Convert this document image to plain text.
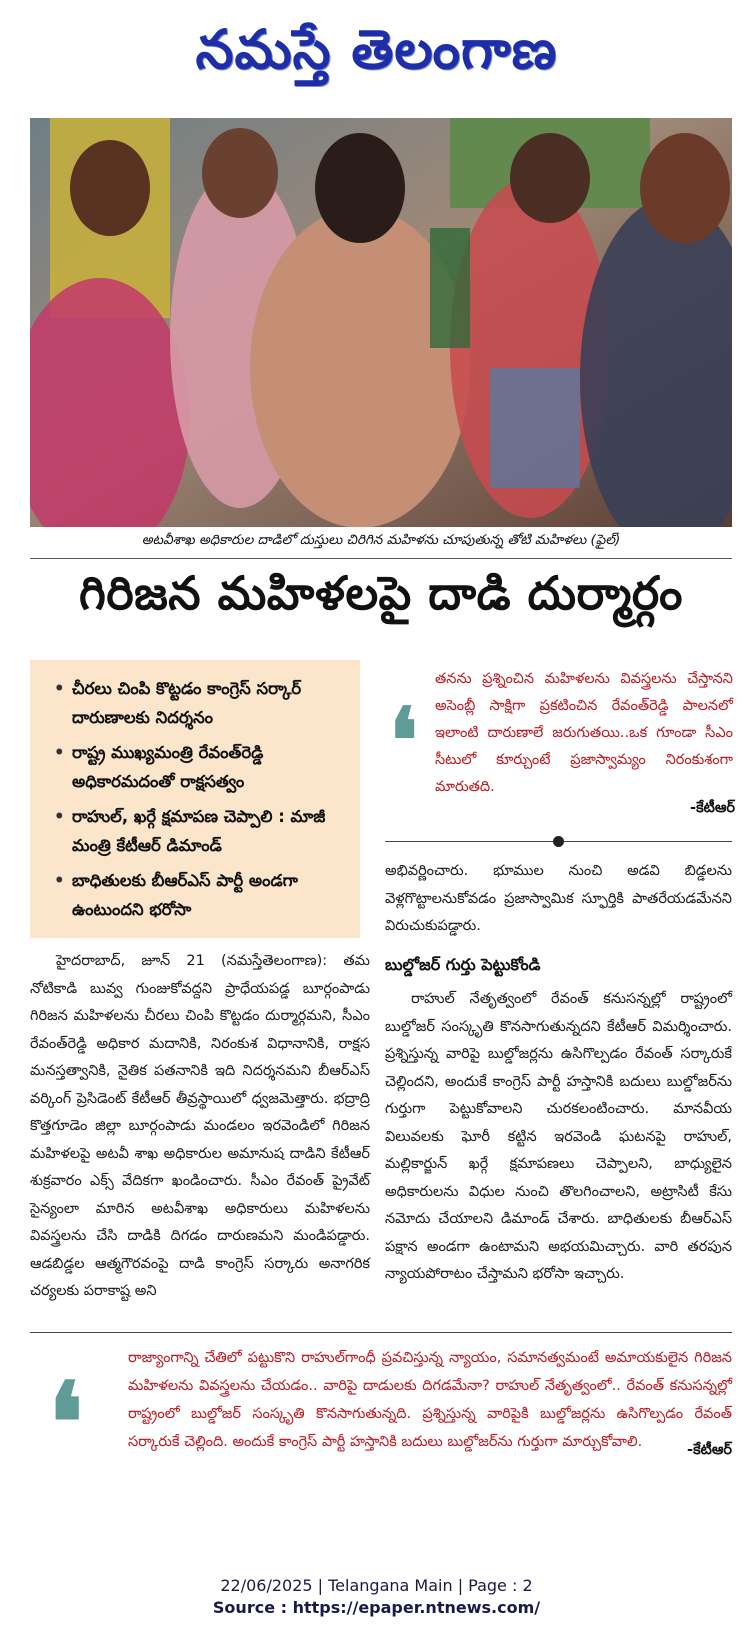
నమస్తే తెలంగాణ
అటవీశాఖ అధికారుల దాడిలో దుస్తులు చిరిగిన మహిళను చూపుతున్న తోటి మహిళలు (ఫైల్)
గిరిజన మహిళలపై దాడి దుర్మార్గం
• చీరలు చింపి కొట్టడం కాంగ్రెస్ సర్కార్ దారుణాలకు నిదర్శనం
• రాష్ట్ర ముఖ్యమంత్రి రేవంత్‌రెడ్డి అధికారమదంతో రాక్షసత్వం
• రాహుల్, ఖర్గే క్షమాపణ చెప్పాలి : మాజీ మంత్రి కేటీఆర్ డిమాండ్
• బాధితులకు బీఆర్ఎస్ పార్టీ అండగా ఉంటుందని భరోసా
❛
తనను ప్రశ్నించిన మహిళలను వివస్త్రలను చేస్తానని అసెంబ్లీ సాక్షిగా ప్రకటించిన రేవంత్‌రెడ్డి పాలనలో ఇలాంటి దారుణాలే జరుగుతయి..ఒక గూండా సీఎం సీటులో కూర్చుంటే ప్రజాస్వామ్యం నిరంకుశంగా మారుతది.
-కేటీఆర్

హైదరాబాద్, జూన్ 21 (నమస్తేతెలంగాణ): తమ నోటికాడి బువ్వ గుంజుకోవద్దని ప్రాధేయపడ్డ బూర్గంపాడు గిరిజన మహిళలను చీరలు చింపి కొట్టడం దుర్మార్గమని, సీఎం రేవంత్‌రెడ్డి అధికార మదానికి, నిరంకుశ విధానానికి, రాక్షస మనస్తత్వానికి, నైతిక పతనానికి ఇది నిదర్శనమని బీఆర్ఎస్ వర్కింగ్ ప్రెసిడెంట్ కేటీఆర్ తీవ్రస్థాయిలో ధ్వజమెత్తారు. భద్రాద్రి కొత్తగూడెం జిల్లా బూర్గంపాడు మండలం ఇరవెండిలో గిరిజన మహిళలపై అటవీ శాఖ అధికారుల అమానుష దాడిని కేటీఆర్ శుక్రవారం ఎక్స్ వేదికగా ఖండించారు. సీఎం రేవంత్ ప్రైవేట్ సైన్యంలా మారిన అటవీశాఖ అధికారులు మహిళలను వివస్త్రలను చేసి దాడికి దిగడం దారుణమని మండిపడ్డారు. ఆడబిడ్డల ఆత్మగౌరవంపై దాడి కాంగ్రెస్ సర్కారు అనాగరిక చర్యలకు పరాకాష్ట అని

అభివర్ణించారు. భూముల నుంచి అడవి బిడ్డలను వెళ్లగొట్టాలనుకోవడం ప్రజాస్వామిక స్ఫూర్తికి పాతరేయడమేనని విరుచుకుపడ్డారు.

బుల్డోజర్ గుర్తు పెట్టుకోండి

రాహుల్ నేతృత్వంలో రేవంత్ కనుసన్నల్లో రాష్ట్రంలో బుల్డోజర్ సంస్కృతి కొనసాగుతున్నదని కేటీఆర్ విమర్శించారు. ప్రశ్నిస్తున్న వారిపై బుల్డోజర్లను ఉసిగొల్పడం రేవంత్ సర్కారుకే చెల్లిందని, అందుకే కాంగ్రెస్ పార్టీ హస్తానికి బదులు బుల్డోజర్‌ను గుర్తుగా పెట్టుకోవాలని చురకలంటించారు. మానవీయ విలువలకు ఘోరీ కట్టిన ఇరవెండి ఘటనపై రాహుల్, మల్లికార్జున్ ఖర్గే క్షమాపణలు చెప్పాలని, బాధ్యులైన అధికారులను విధుల నుంచి తొలగించాలని, అట్రాసిటీ కేసు నమోదు చేయాలని డిమాండ్ చేశారు. బాధితులకు బీఆర్ఎస్ పక్షాన అండగా ఉంటామని అభయమిచ్చారు. వారి తరపున న్యాయపోరాటం చేస్తామని భరోసా ఇచ్చారు.

❛	రాజ్యాంగాన్ని చేతిలో పట్టుకొని రాహుల్‌గాంధీ ప్రవచిస్తున్న న్యాయం, సమానత్వమంటే అమాయకులైన గిరిజన మహిళలను వివస్త్రలను చేయడం.. వారిపై దాడులకు దిగడమేనా? రాహుల్ నేతృత్వంలో.. రేవంత్ కనుసన్నల్లో రాష్ట్రంలో బుల్డోజర్ సంస్కృతి కొనసాగుతున్నది. ప్రశ్నిస్తున్న వారిపైకి బుల్డోజర్లను ఉసిగొల్పడం రేవంత్ సర్కారుకే చెల్లింది. అందుకే కాంగ్రెస్ పార్టీ హస్తానికి బదులు బుల్డోజర్‌ను గుర్తుగా మార్చుకోవాలి.	-కేటీఆర్
22/06/2025 | Telangana Main | Page : 2
Source : https://epaper.ntnews.com/
